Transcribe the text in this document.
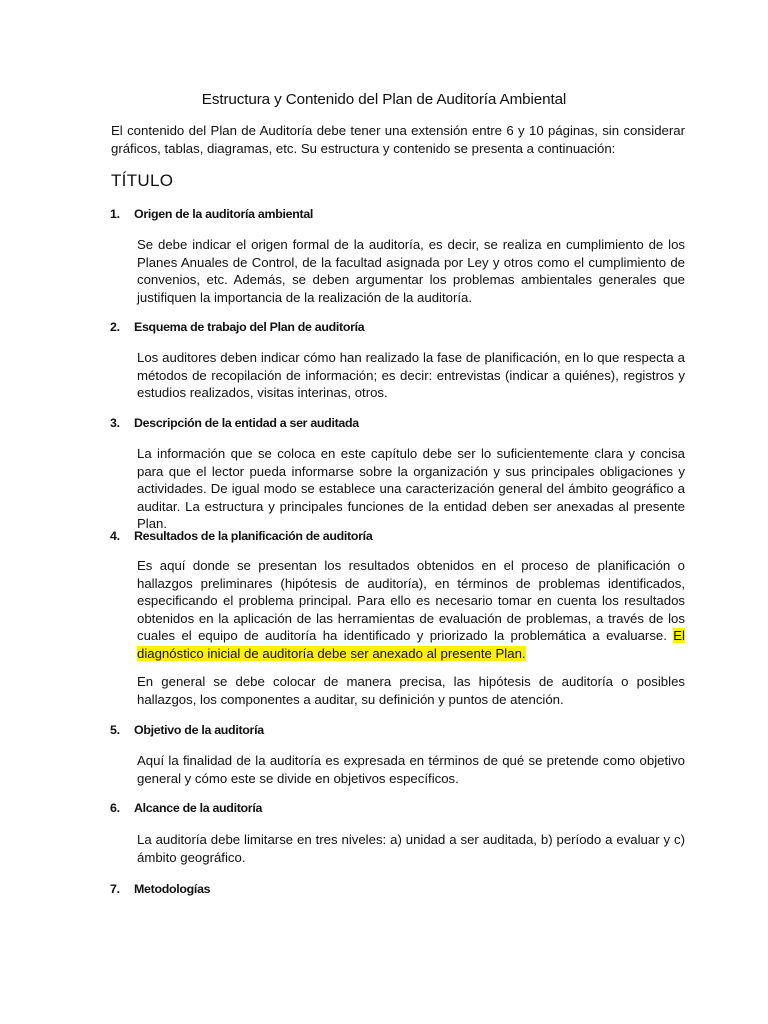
Estructura y Contenido del Plan de Auditoría Ambiental
El contenido del Plan de Auditoría debe tener una extensión entre 6 y 10 páginas, sin considerar gráficos, tablas, diagramas, etc. Su estructura y contenido se presenta a continuación:
TÍTULO
1. Origen de la auditoría ambiental
Se debe indicar el origen formal de la auditoría, es decir, se realiza en cumplimiento de los Planes Anuales de Control, de la facultad asignada por Ley y otros como el cumplimiento de convenios, etc. Además, se deben argumentar los problemas ambientales generales que justifiquen la importancia de la realización de la auditoría.
2. Esquema de trabajo del Plan de auditoría
Los auditores deben indicar cómo han realizado la fase de planificación, en lo que respecta a métodos de recopilación de información; es decir: entrevistas (indicar a quiénes), registros y estudios realizados, visitas interinas, otros.
3. Descripción de la entidad a ser auditada
La información que se coloca en este capítulo debe ser lo suficientemente clara y concisa para que el lector pueda informarse sobre la organización y sus principales obligaciones y actividades. De igual modo se establece una caracterización general del ámbito geográfico a auditar. La estructura y principales funciones de la entidad deben ser anexadas al presente Plan.
4. Resultados de la planificación de auditoría
Es aquí donde se presentan los resultados obtenidos en el proceso de planificación o hallazgos preliminares (hipótesis de auditoría), en términos de problemas identificados, especificando el problema principal. Para ello es necesario tomar en cuenta los resultados obtenidos en la aplicación de las herramientas de evaluación de problemas, a través de los cuales el equipo de auditoría ha identificado y priorizado la problemática a evaluarse. El diagnóstico inicial de auditoría debe ser anexado al presente Plan.
En general se debe colocar de manera precisa, las hipótesis de auditoría o posibles hallazgos, los componentes a auditar, su definición y puntos de atención.
5. Objetivo de la auditoría
Aquí la finalidad de la auditoría es expresada en términos de qué se pretende como objetivo general y cómo este se divide en objetivos específicos.
6. Alcance de la auditoría
La auditoría debe limitarse en tres niveles: a) unidad a ser auditada, b) período a evaluar y c) ámbito geográfico.
7. Metodologías
